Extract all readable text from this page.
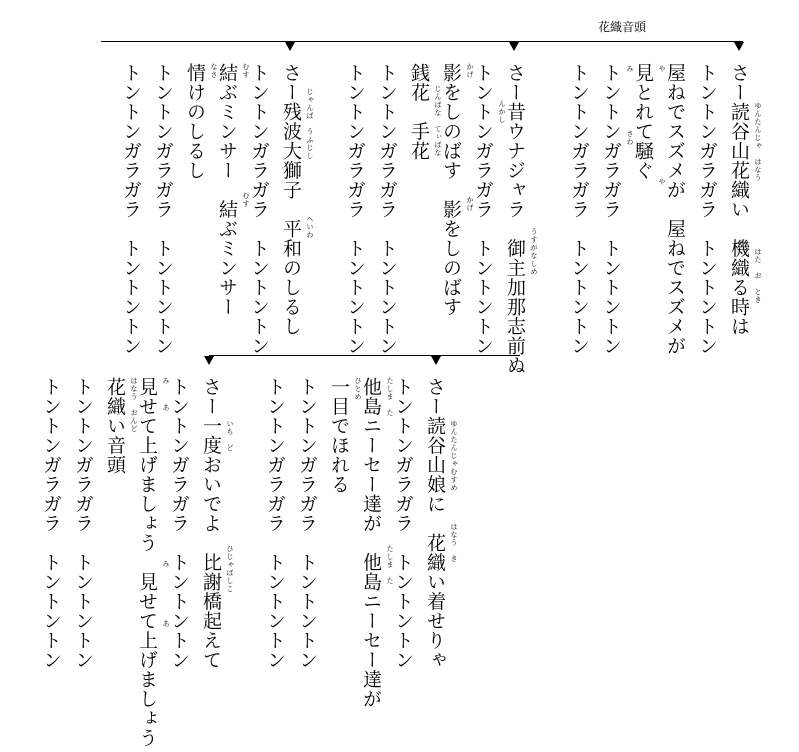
花織音頭
さー読谷山花織い　機織る時は
トントンガラガラ　トントントン
屋ねでスズメが　屋ねでスズメが
見とれて騒ぐ
トントンガラガラ　トントントン
トントンガラガラ　トントントン
さー昔ウナジャラ　御主加那志前ぬ
トントンガラガラ　トントントン
影をしのばす　影をしのばす
銭花　手花
トントンガラガラ　トントントン
トントンガラガラ　トントントン
さー残波大獅子　平和のしるし
トントンガラガラ　トントントン
結ぶミンサー　結ぶミンサー
情けのしるし
トントンガラガラ　トントントン
トントンガラガラ　トントントン
さー読谷山娘に　花織い着せりゃ
トントンガラガラ　トントントン
他島ニーセー達が　他島ニーセー達が
一目でほれる
トントンガラガラ　トントントン
トントンガラガラ　トントントン
さー一度おいでよ　比謝橋起えて
トントンガラガラ　トントントン
見せて上げましょう　見せて上げましょう
花織い音頭
トントンガラガラ　トントントン
トントンガラガラ　トントントン
ゆんたんじゃ　はなう
はた　お　とき
や
や
み
さわ
んかし
うすがなしめ
かげ
かげ
じんばな　てぃばな
じゃんば　うふじし
へいわ
むす
むす
なさ
ゆんたんじゃむすめ
はなう　き
たしま　た
たしま　た
ひとめ
いち　ど
ひじゃばしこ
み
あ
み
あ
はなう　おんど
